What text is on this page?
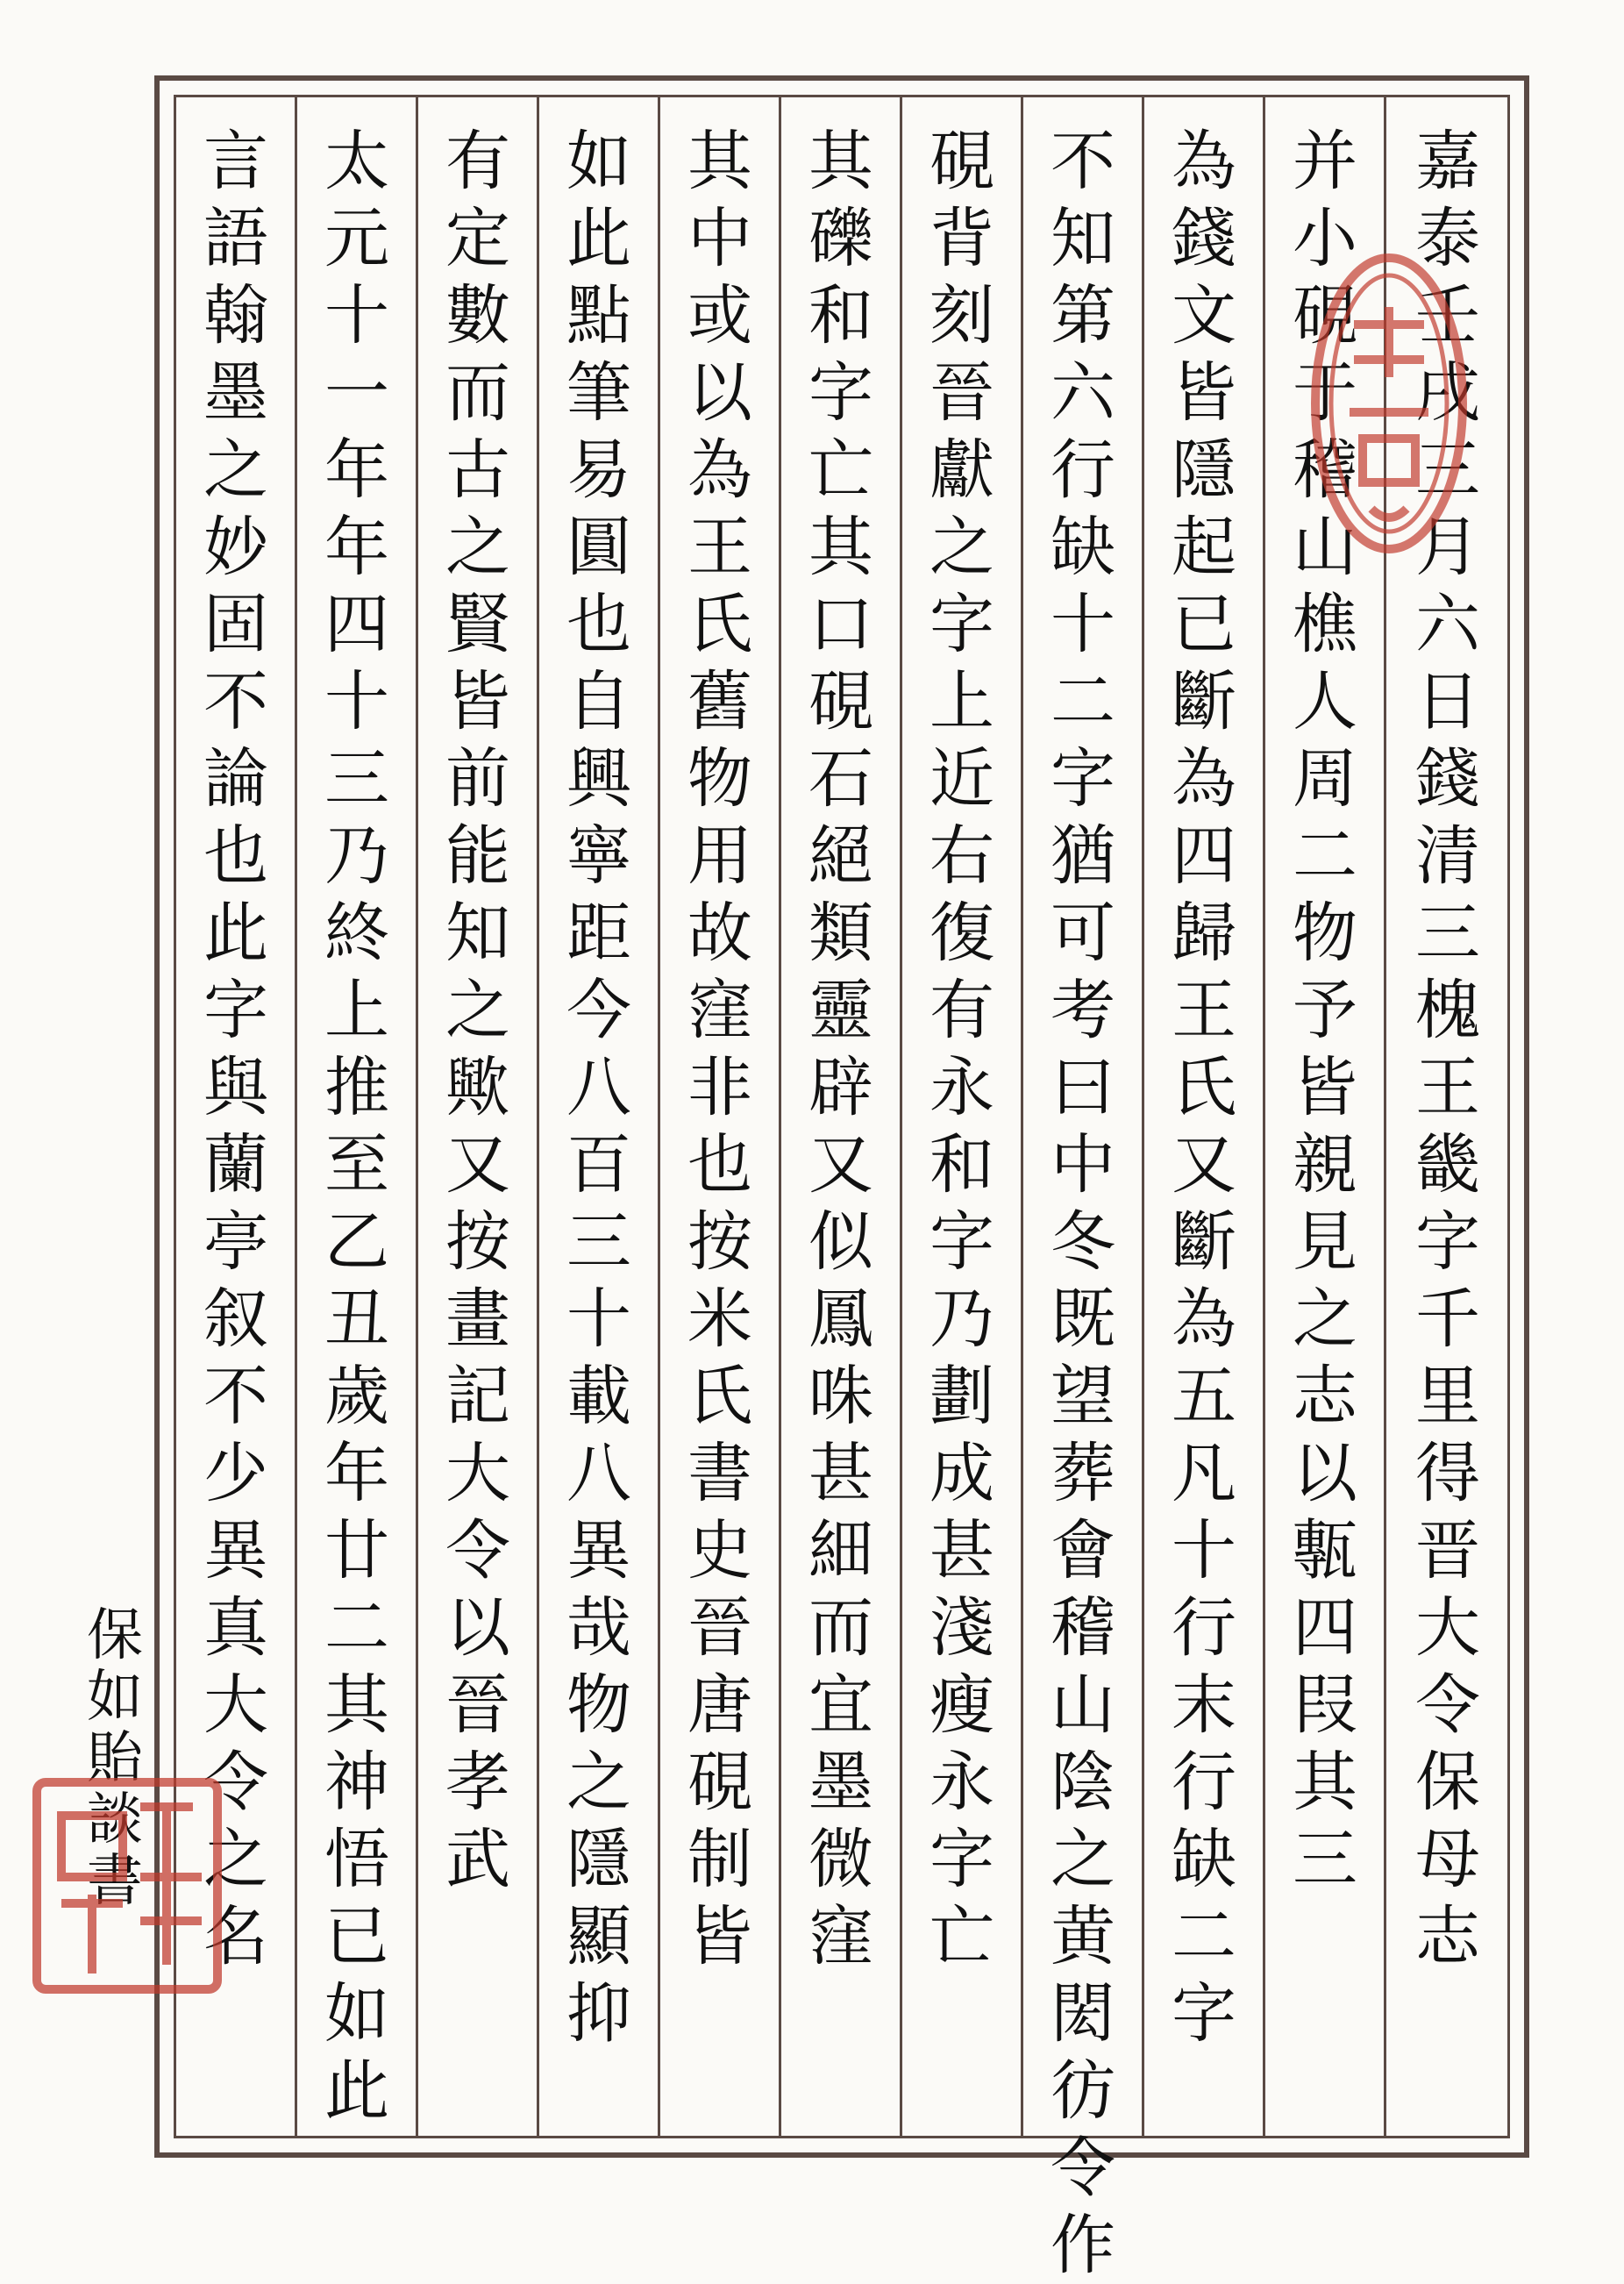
嘉
泰
壬
戌
三
月
六
日
錢
清
三
槐
王
畿
字
千
里
得
晋
大
令
保
母
志
并
小
硯
于
稽
山
樵
人
周
二
物
予
皆
親
見
之
志
以
甎
四
叚
其
三
為
錢
文
皆
隱
起
已
斷
為
四
歸
王
氏
又
斷
為
五
凡
十
行
末
行
缺
二
字
不
知
第
六
行
缺
十
二
字
猶
可
考
曰
中
冬
既
望
葬
會
稽
山
陰
之
黄
閎
彷
令
作
硯
背
刻
晉
獻
之
字
上
近
右
復
有
永
和
字
乃
劃
成
甚
淺
瘦
永
字
亡
其
礫
和
字
亡
其
口
硯
石
絕
類
靈
辟
又
似
鳳
咮
甚
細
而
宜
墨
微
窪
其
中
或
以
為
王
氏
舊
物
用
故
窪
非
也
按
米
氏
書
史
晉
唐
硯
制
皆
如
此
點
筆
易
圓
也
自
興
寧
距
今
八
百
三
十
載
八
異
哉
物
之
隱
顯
抑
有
定
數
而
古
之
賢
皆
前
能
知
之
歟
又
按
畫
記
大
令
以
晉
孝
武
太
元
十
一
年
年
四
十
三
乃
終
上
推
至
乙
丑
歲
年
廿
二
其
神
悟
已
如
此
言
語
翰
墨
之
妙
固
不
論
也
此
字
與
蘭
亭
叙
不
少
異
真
大
令
之
名
保
如
貽
談
書
